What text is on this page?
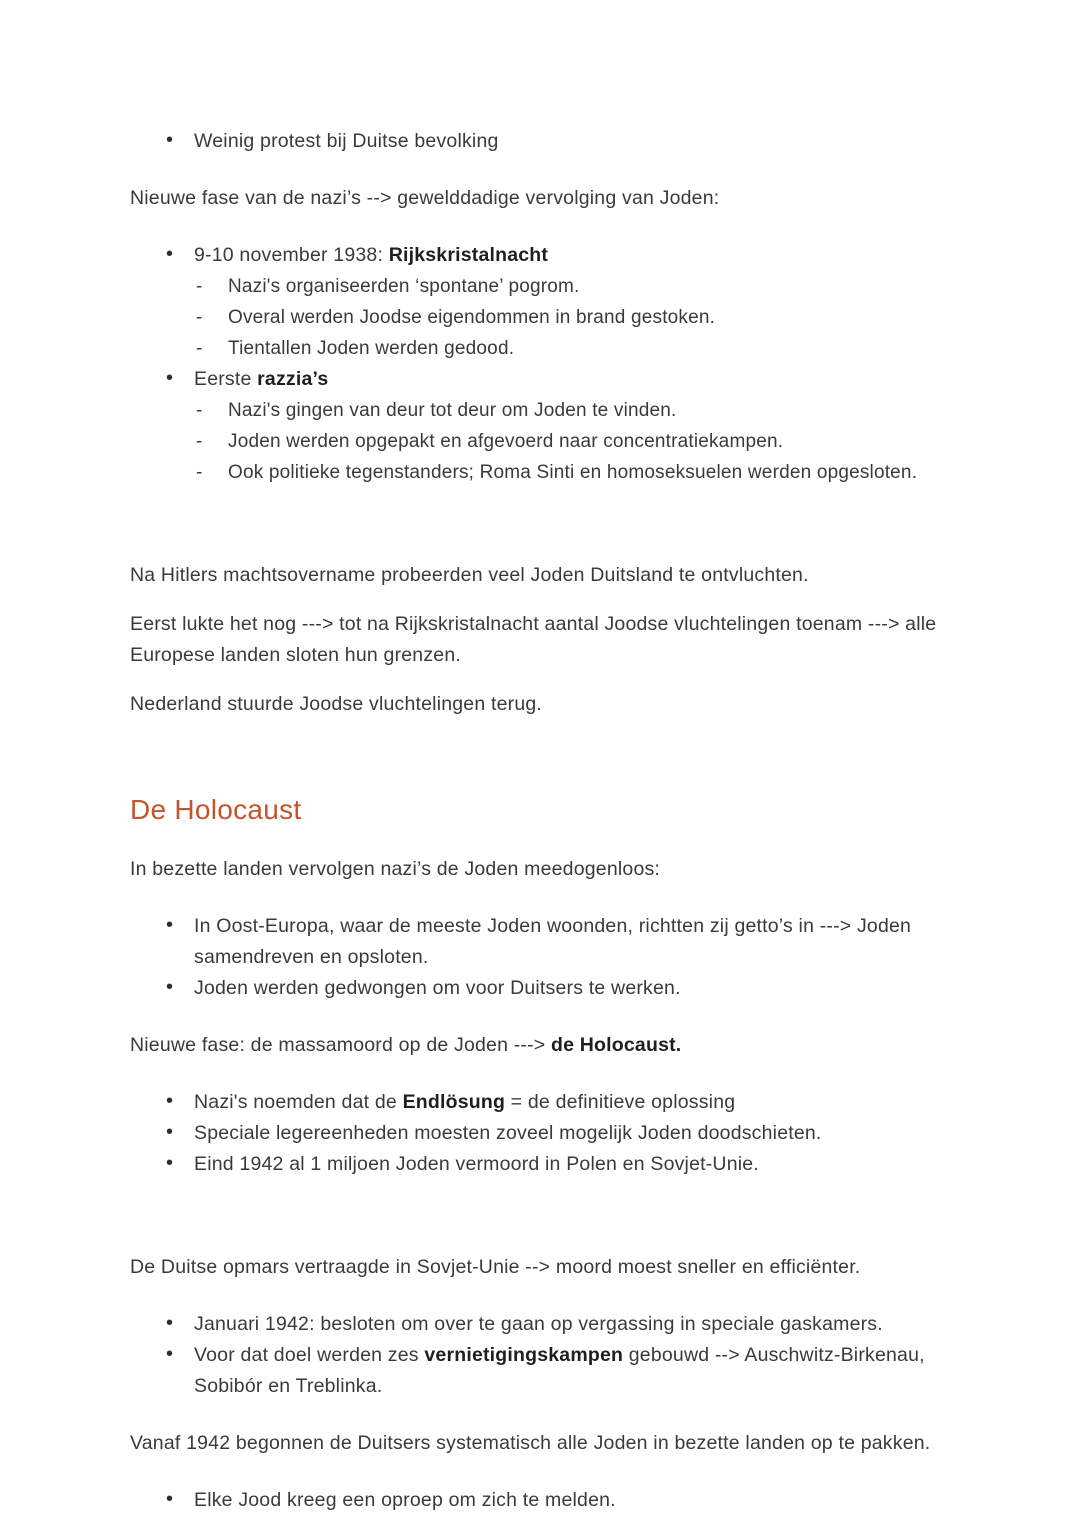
• Weinig protest bij Duitse bevolking

Nieuwe fase van de nazi’s --> gewelddadige vervolging van Joden:

• 9-10 november 1938: Rijkskristalnacht
- Nazi's organiseerden ‘spontane’ pogrom.
- Overal werden Joodse eigendommen in brand gestoken.
- Tientallen Joden werden gedood.
• Eerste razzia’s
- Nazi's gingen van deur tot deur om Joden te vinden.
- Joden werden opgepakt en afgevoerd naar concentratiekampen.
- Ook politieke tegenstanders; Roma Sinti en homoseksuelen werden opgesloten.

Na Hitlers machtsovername probeerden veel Joden Duitsland te ontvluchten.

Eerst lukte het nog ---> tot na Rijkskristalnacht aantal Joodse vluchtelingen toenam ---> alle Europese landen sloten hun grenzen.

Nederland stuurde Joodse vluchtelingen terug.

De Holocaust

In bezette landen vervolgen nazi’s de Joden meedogenloos:

• In Oost-Europa, waar de meeste Joden woonden, richtten zij getto’s in ---> Joden samendreven en opsloten.
• Joden werden gedwongen om voor Duitsers te werken.

Nieuwe fase: de massamoord op de Joden ---> de Holocaust.

• Nazi's noemden dat de Endlösung = de definitieve oplossing
• Speciale legereenheden moesten zoveel mogelijk Joden doodschieten.
• Eind 1942 al 1 miljoen Joden vermoord in Polen en Sovjet-Unie.

De Duitse opmars vertraagde in Sovjet-Unie --> moord moest sneller en efficiënter.

• Januari 1942: besloten om over te gaan op vergassing in speciale gaskamers.
• Voor dat doel werden zes vernietigingskampen gebouwd --> Auschwitz-Birkenau, Sobibór en Treblinka.

Vanaf 1942 begonnen de Duitsers systematisch alle Joden in bezette landen op te pakken.

• Elke Jood kreeg een oproep om zich te melden.
